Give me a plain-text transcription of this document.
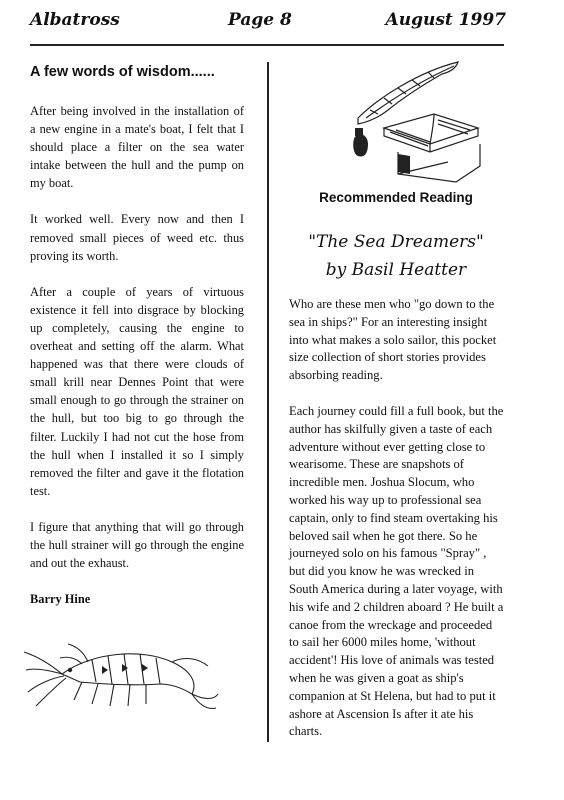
Albatross	Page 8	August 1997
A few words of wisdom......

After being involved in the installation of a new engine in a mate's boat, I felt that I should place a filter on the sea water intake between the hull and the pump on my boat.

It worked well. Every now and then I removed small pieces of weed etc. thus proving its worth.

After a couple of years of virtuous existence it fell into disgrace by blocking up completely, causing the engine to overheat and setting off the alarm. What happened was that there were clouds of small krill near Dennes Point that were small enough to go through the strainer on the hull, but too big to go through the filter. Luckily I had not cut the hose from the hull when I installed it so I simply removed the filter and gave it the flotation test.

I figure that anything that will go through the hull strainer will go through the engine and out the exhaust.

Barry Hine

Recommended Reading
"The Sea Dreamers"
by Basil Heatter

Who are these men who "go down to the sea in ships?" For an interesting insight into what makes a solo sailor, this pocket size collection of short stories provides absorbing reading.

Each journey could fill a full book, but the author has skilfully given a taste of each adventure without ever getting close to wearisome. These are snapshots of incredible men. Joshua Slocum, who worked his way up to professional sea captain, only to find steam overtaking his beloved sail when he got there. So he journeyed solo on his famous "Spray" , but did you know he was wrecked in South America during a later voyage, with his wife and 2 children aboard ? He built a canoe from the wreckage and proceeded to sail her 6000 miles home, 'without accident'! His love of animals was tested when he was given a goat as ship's companion at St Helena, but had to put it ashore at Ascension Is after it ate his charts.
